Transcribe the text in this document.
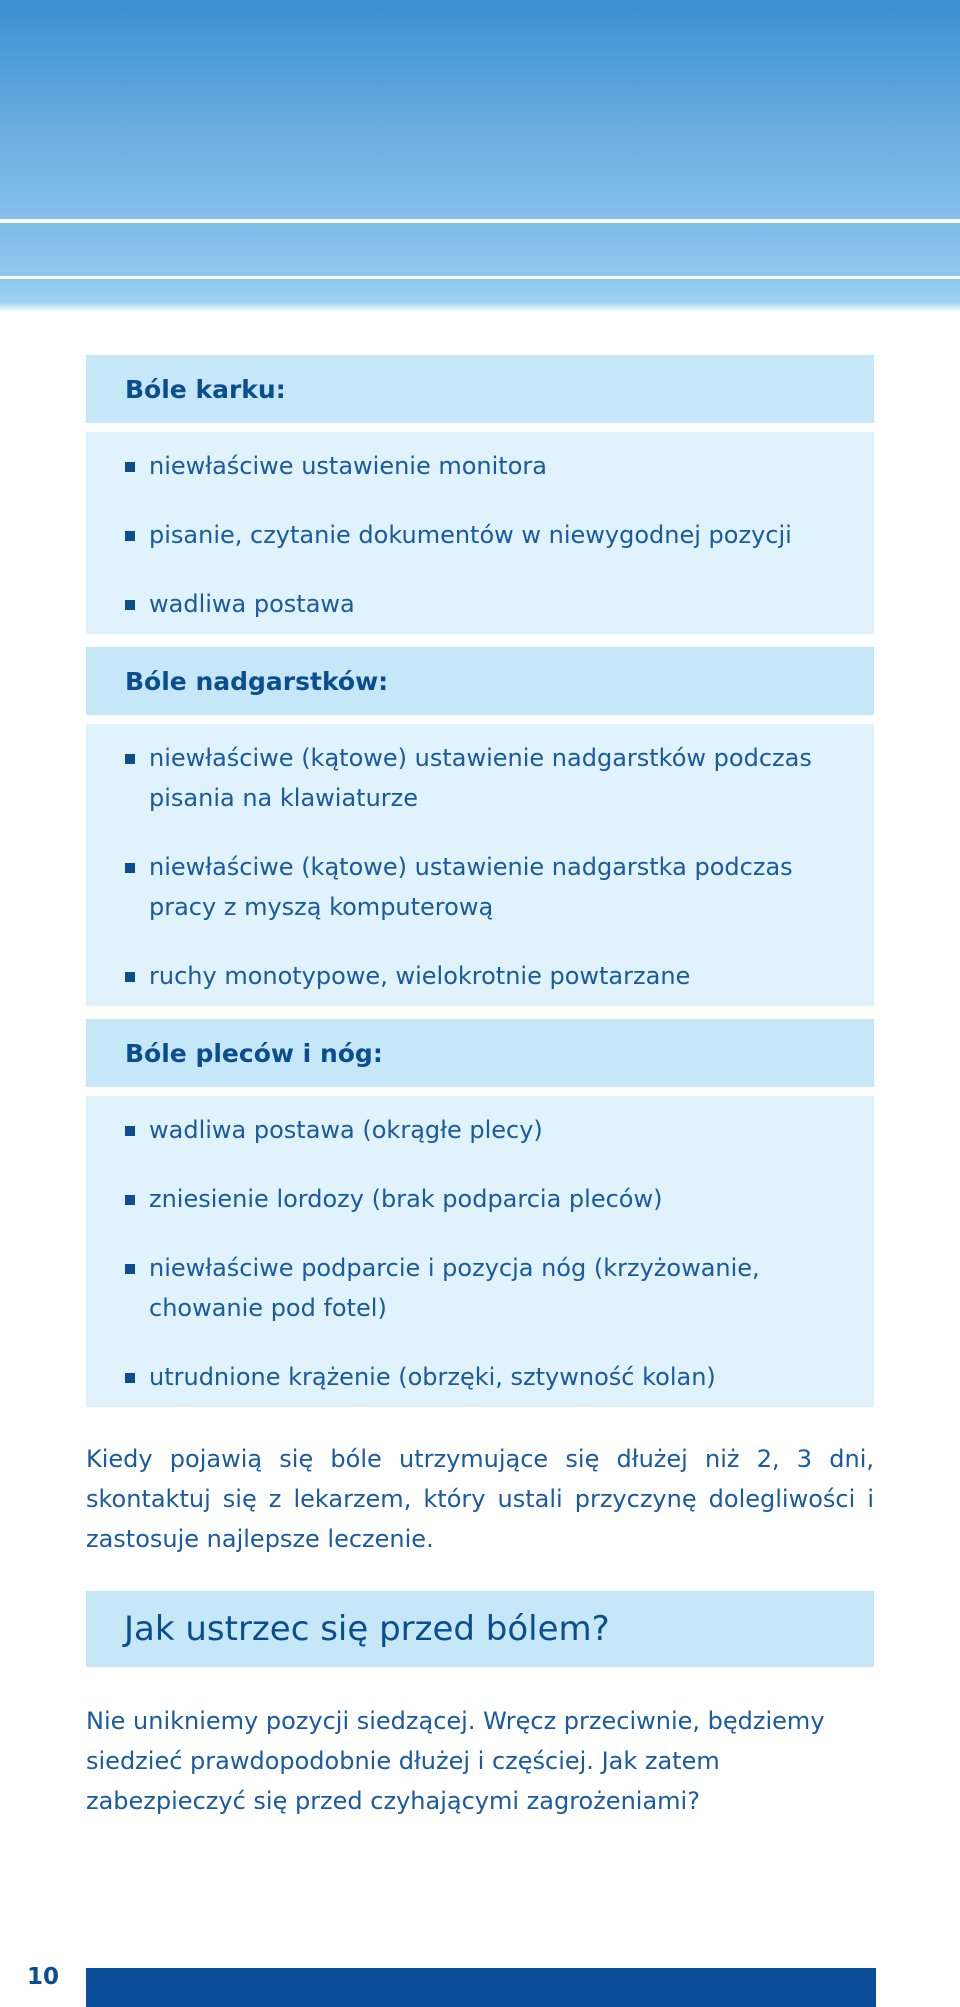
Bóle karku:
niewłaściwe ustawienie monitora
pisanie, czytanie dokumentów w niewygodnej pozycji
wadliwa postawa
Bóle nadgarstków:
niewłaściwe (kątowe) ustawienie nadgarstków podczas pisania na klawiaturze
niewłaściwe (kątowe) ustawienie nadgarstka podczas pracy z myszą komputerową
ruchy monotypowe, wielokrotnie powtarzane
Bóle pleców i nóg:
wadliwa postawa (okrągłe plecy)
zniesienie lordozy (brak podparcia pleców)
niewłaściwe podparcie i pozycja nóg (krzyżowanie, chowanie pod fotel)
utrudnione krążenie (obrzęki, sztywność kolan)

Kiedy pojawią się bóle utrzymujące się dłużej niż 2, 3 dni, skontaktuj się z lekarzem, który ustali przyczynę dolegliwości i zastosuje najlepsze leczenie.

Jak ustrzec się przed bólem?

Nie unikniemy pozycji siedzącej. Wręcz przeciwnie, będziemy siedzieć prawdopodobnie dłużej i częściej. Jak zatem zabezpieczyć się przed czyhającymi zagrożeniami?

10
